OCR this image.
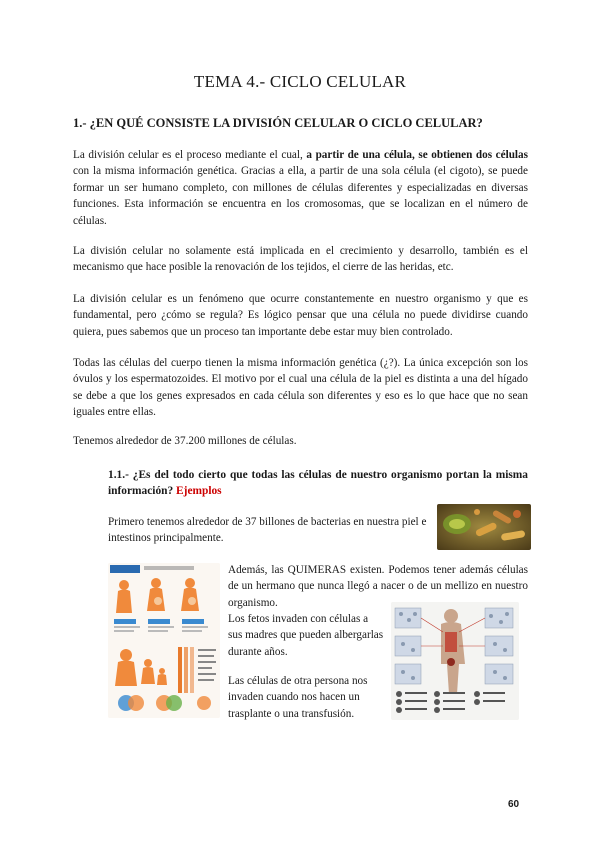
TEMA 4.- CICLO CELULAR
1.- ¿EN QUÉ CONSISTE LA DIVISIÓN CELULAR O CICLO CELULAR?

La división celular es el proceso mediante el cual, a partir de una célula, se obtienen dos células con la misma información genética. Gracias a ella, a partir de una sola célula (el cigoto), se puede formar un ser humano completo, con millones de células diferentes y especializadas en diversas funciones. Esta información se encuentra en los cromosomas, que se localizan en el número de células.

La división celular no solamente está implicada en el crecimiento y desarrollo, también es el mecanismo que hace posible la renovación de los tejidos, el cierre de las heridas, etc.

La división celular es un fenómeno que ocurre constantemente en nuestro organismo y que es fundamental, pero ¿cómo se regula? Es lógico pensar que una célula no puede dividirse cuando quiera, pues sabemos que un proceso tan importante debe estar muy bien controlado.

Todas las células del cuerpo tienen la misma información genética (¿?). La única excepción son los óvulos y los espermatozoides. El motivo por el cual una célula de la piel es distinta a una del hígado se debe a que los genes expresados en cada célula son diferentes y eso es lo que hace que no sean iguales entre ellas.

Tenemos alrededor de 37.200 millones de células.

1.1.- ¿Es del todo cierto que todas las células de nuestro organismo portan la misma información? Ejemplos

Primero tenemos alrededor de 37 billones de bacterias en nuestra piel e intestinos principalmente.

Además, las QUIMERAS existen. Podemos tener además células de un hermano que nunca llegó a nacer o de un mellizo en nuestro organismo.

Los fetos invaden con células a sus madres que pueden albergarlas durante años.

Las células de otra persona nos invaden cuando nos hacen un trasplante o una transfusión.

60
